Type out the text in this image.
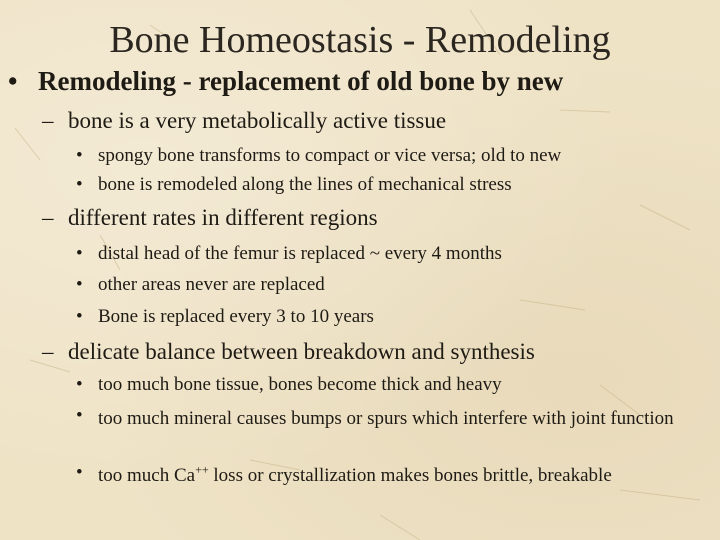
Bone Homeostasis - Remodeling
• Remodeling - replacement of old bone by new
– bone is a very metabolically active tissue
• spongy bone transforms to compact or vice versa; old to new
• bone is remodeled along the lines of mechanical stress
– different rates in different regions
• distal head of the femur is replaced ~ every 4 months
• other areas never are replaced
• Bone is replaced every 3 to 10 years
– delicate balance between breakdown and synthesis
• too much bone tissue, bones become thick and heavy
• too much mineral causes bumps or spurs which interfere with joint function
• too much Ca++ loss or crystallization makes bones brittle, breakable
